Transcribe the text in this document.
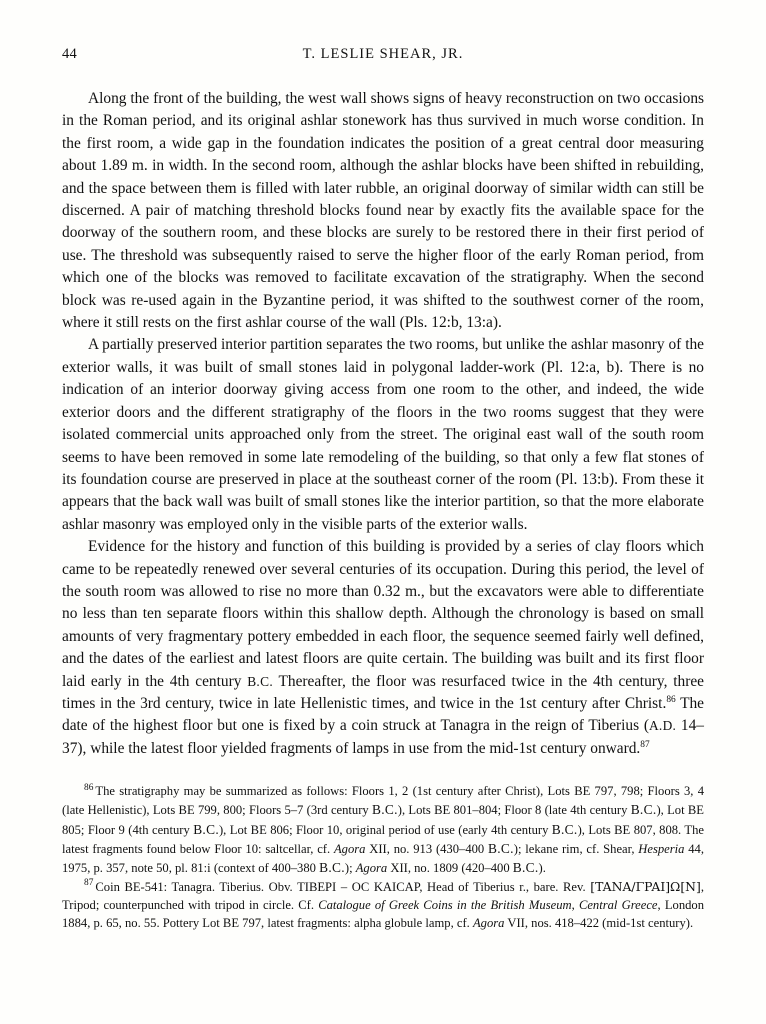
44	T. LESLIE SHEAR, JR.

Along the front of the building, the west wall shows signs of heavy reconstruction on two occasions in the Roman period, and its original ashlar stonework has thus survived in much worse condition. In the first room, a wide gap in the foundation indicates the position of a great central door measuring about 1.89 m. in width. In the second room, although the ashlar blocks have been shifted in rebuilding, and the space between them is filled with later rubble, an original doorway of similar width can still be discerned. A pair of matching threshold blocks found near by exactly fits the available space for the doorway of the southern room, and these blocks are surely to be restored there in their first period of use. The threshold was subsequently raised to serve the higher floor of the early Roman period, from which one of the blocks was removed to facilitate excavation of the stratigraphy. When the second block was re-used again in the Byzantine period, it was shifted to the southwest corner of the room, where it still rests on the first ashlar course of the wall (Pls. 12:b, 13:a).

A partially preserved interior partition separates the two rooms, but unlike the ashlar masonry of the exterior walls, it was built of small stones laid in polygonal ladder-work (Pl. 12:a, b). There is no indication of an interior doorway giving access from one room to the other, and indeed, the wide exterior doors and the different stratigraphy of the floors in the two rooms suggest that they were isolated commercial units approached only from the street. The original east wall of the south room seems to have been removed in some late remodeling of the building, so that only a few flat stones of its foundation course are preserved in place at the southeast corner of the room (Pl. 13:b). From these it appears that the back wall was built of small stones like the interior partition, so that the more elaborate ashlar masonry was employed only in the visible parts of the exterior walls.

Evidence for the history and function of this building is provided by a series of clay floors which came to be repeatedly renewed over several centuries of its occupation. During this period, the level of the south room was allowed to rise no more than 0.32 m., but the excavators were able to differentiate no less than ten separate floors within this shallow depth. Although the chronology is based on small amounts of very fragmentary pottery embedded in each floor, the sequence seemed fairly well defined, and the dates of the earliest and latest floors are quite certain. The building was built and its first floor laid early in the 4th century B.C. Thereafter, the floor was resurfaced twice in the 4th century, three times in the 3rd century, twice in late Hellenistic times, and twice in the 1st century after Christ.$^{86}$ The date of the highest floor but one is fixed by a coin struck at Tanagra in the reign of Tiberius (A.D. 14–37), while the latest floor yielded fragments of lamps in use from the mid-1st century onward.$^{87}$

$^{86}$ The stratigraphy may be summarized as follows: Floors 1, 2 (1st century after Christ), Lots BE 797, 798; Floors 3, 4 (late Hellenistic), Lots BE 799, 800; Floors 5–7 (3rd century B.C.), Lots BE 801–804; Floor 8 (late 4th century B.C.), Lot BE 805; Floor 9 (4th century B.C.), Lot BE 806; Floor 10, original period of use (early 4th century B.C.), Lots BE 807, 808. The latest fragments found below Floor 10: saltcellar, cf. Agora XII, no. 913 (430–400 B.C.); lekane rim, cf. Shear, Hesperia 44, 1975, p. 357, note 50, pl. 81:i (context of 400–380 B.C.); Agora XII, no. 1809 (420–400 B.C.).

$^{87}$ Coin BE-541: Tanagra. Tiberius. Obv. TIBEPI – OC KAICAP, Head of Tiberius r., bare. Rev. [TANA/ΓPAI]Ω[N], Tripod; counterpunched with tripod in circle. Cf. Catalogue of Greek Coins in the British Museum, Central Greece, London 1884, p. 65, no. 55. Pottery Lot BE 797, latest fragments: alpha globule lamp, cf. Agora VII, nos. 418–422 (mid-1st century).
